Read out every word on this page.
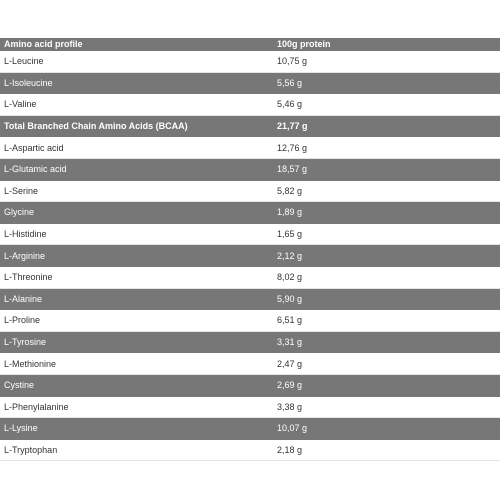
Amino acid profile	100g protein
L-Leucine	10,75 g
L-Isoleucine	5,56 g
L-Valine	5,46 g
Total Branched Chain Amino Acids (BCAA)	21,77 g
L-Aspartic acid	12,76 g
L-Glutamic acid	18,57 g
L-Serine	5,82 g
Glycine	1,89 g
L-Histidine	1,65 g
L-Arginine	2,12 g
L-Threonine	8,02 g
L-Alanine	5,90 g
L-Proline	6,51 g
L-Tyrosine	3,31 g
L-Methionine	2,47 g
Cystine	2,69 g
L-Phenylalanine	3,38 g
L-Lysine	10,07 g
L-Tryptophan	2,18 g
